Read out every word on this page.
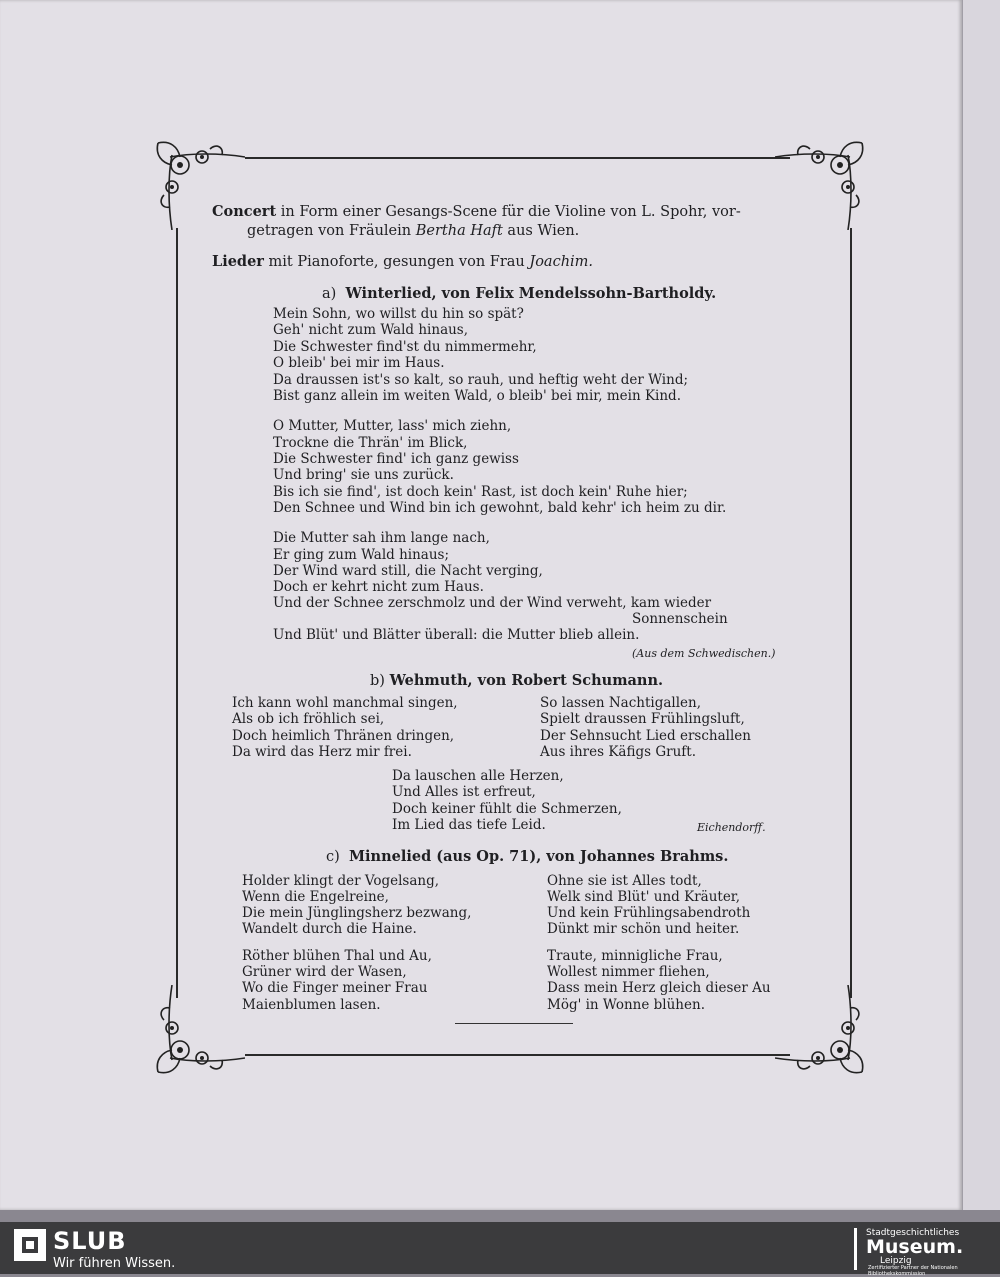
Concert in Form einer Gesangs-Scene für die Violine von L. Spohr, vor-
getragen von Fräulein Bertha Haft aus Wien.
Lieder mit Pianoforte, gesungen von Frau Joachim.
a) Winterlied, von Felix Mendelssohn-Bartholdy.
Mein Sohn, wo willst du hin so spät?
Geh' nicht zum Wald hinaus,
Die Schwester find'st du nimmermehr,
O bleib' bei mir im Haus.
Da draussen ist's so kalt, so rauh, und heftig weht der Wind;
Bist ganz allein im weiten Wald, o bleib' bei mir, mein Kind.
O Mutter, Mutter, lass' mich ziehn,
Trockne die Thrän' im Blick,
Die Schwester find' ich ganz gewiss
Und bring' sie uns zurück.
Bis ich sie find', ist doch kein' Rast, ist doch kein' Ruhe hier;
Den Schnee und Wind bin ich gewohnt, bald kehr' ich heim zu dir.
Die Mutter sah ihm lange nach,
Er ging zum Wald hinaus;
Der Wind ward still, die Nacht verging,
Doch er kehrt nicht zum Haus.
Und der Schnee zerschmolz und der Wind verweht, kam wieder
Sonnenschein
Und Blüt' und Blätter überall: die Mutter blieb allein.
(Aus dem Schwedischen.)
b) Wehmuth, von Robert Schumann.
Ich kann wohl manchmal singen,
Als ob ich fröhlich sei,
Doch heimlich Thränen dringen,
Da wird das Herz mir frei.
So lassen Nachtigallen,
Spielt draussen Frühlingsluft,
Der Sehnsucht Lied erschallen
Aus ihres Käfigs Gruft.
Da lauschen alle Herzen,
Und Alles ist erfreut,
Doch keiner fühlt die Schmerzen,
Im Lied das tiefe Leid.	Eichendorff.
c) Minnelied (aus Op. 71), von Johannes Brahms.
Holder klingt der Vogelsang,
Wenn die Engelreine,
Die mein Jünglingsherz bezwang,
Wandelt durch die Haine.
Röther blühen Thal und Au,
Grüner wird der Wasen,
Wo die Finger meiner Frau
Maienblumen lasen.
Ohne sie ist Alles todt,
Welk sind Blüt' und Kräuter,
Und kein Frühlingsabendroth
Dünkt mir schön und heiter.
Traute, minnigliche Frau,
Wollest nimmer fliehen,
Dass mein Herz gleich dieser Au
Mög' in Wonne blühen.
SLUB
Wir führen Wissen.
Stadtgeschichtliches
Museum.
Leipzig
Zertifizierter Partner der Nationalen Bibliothekskommission
